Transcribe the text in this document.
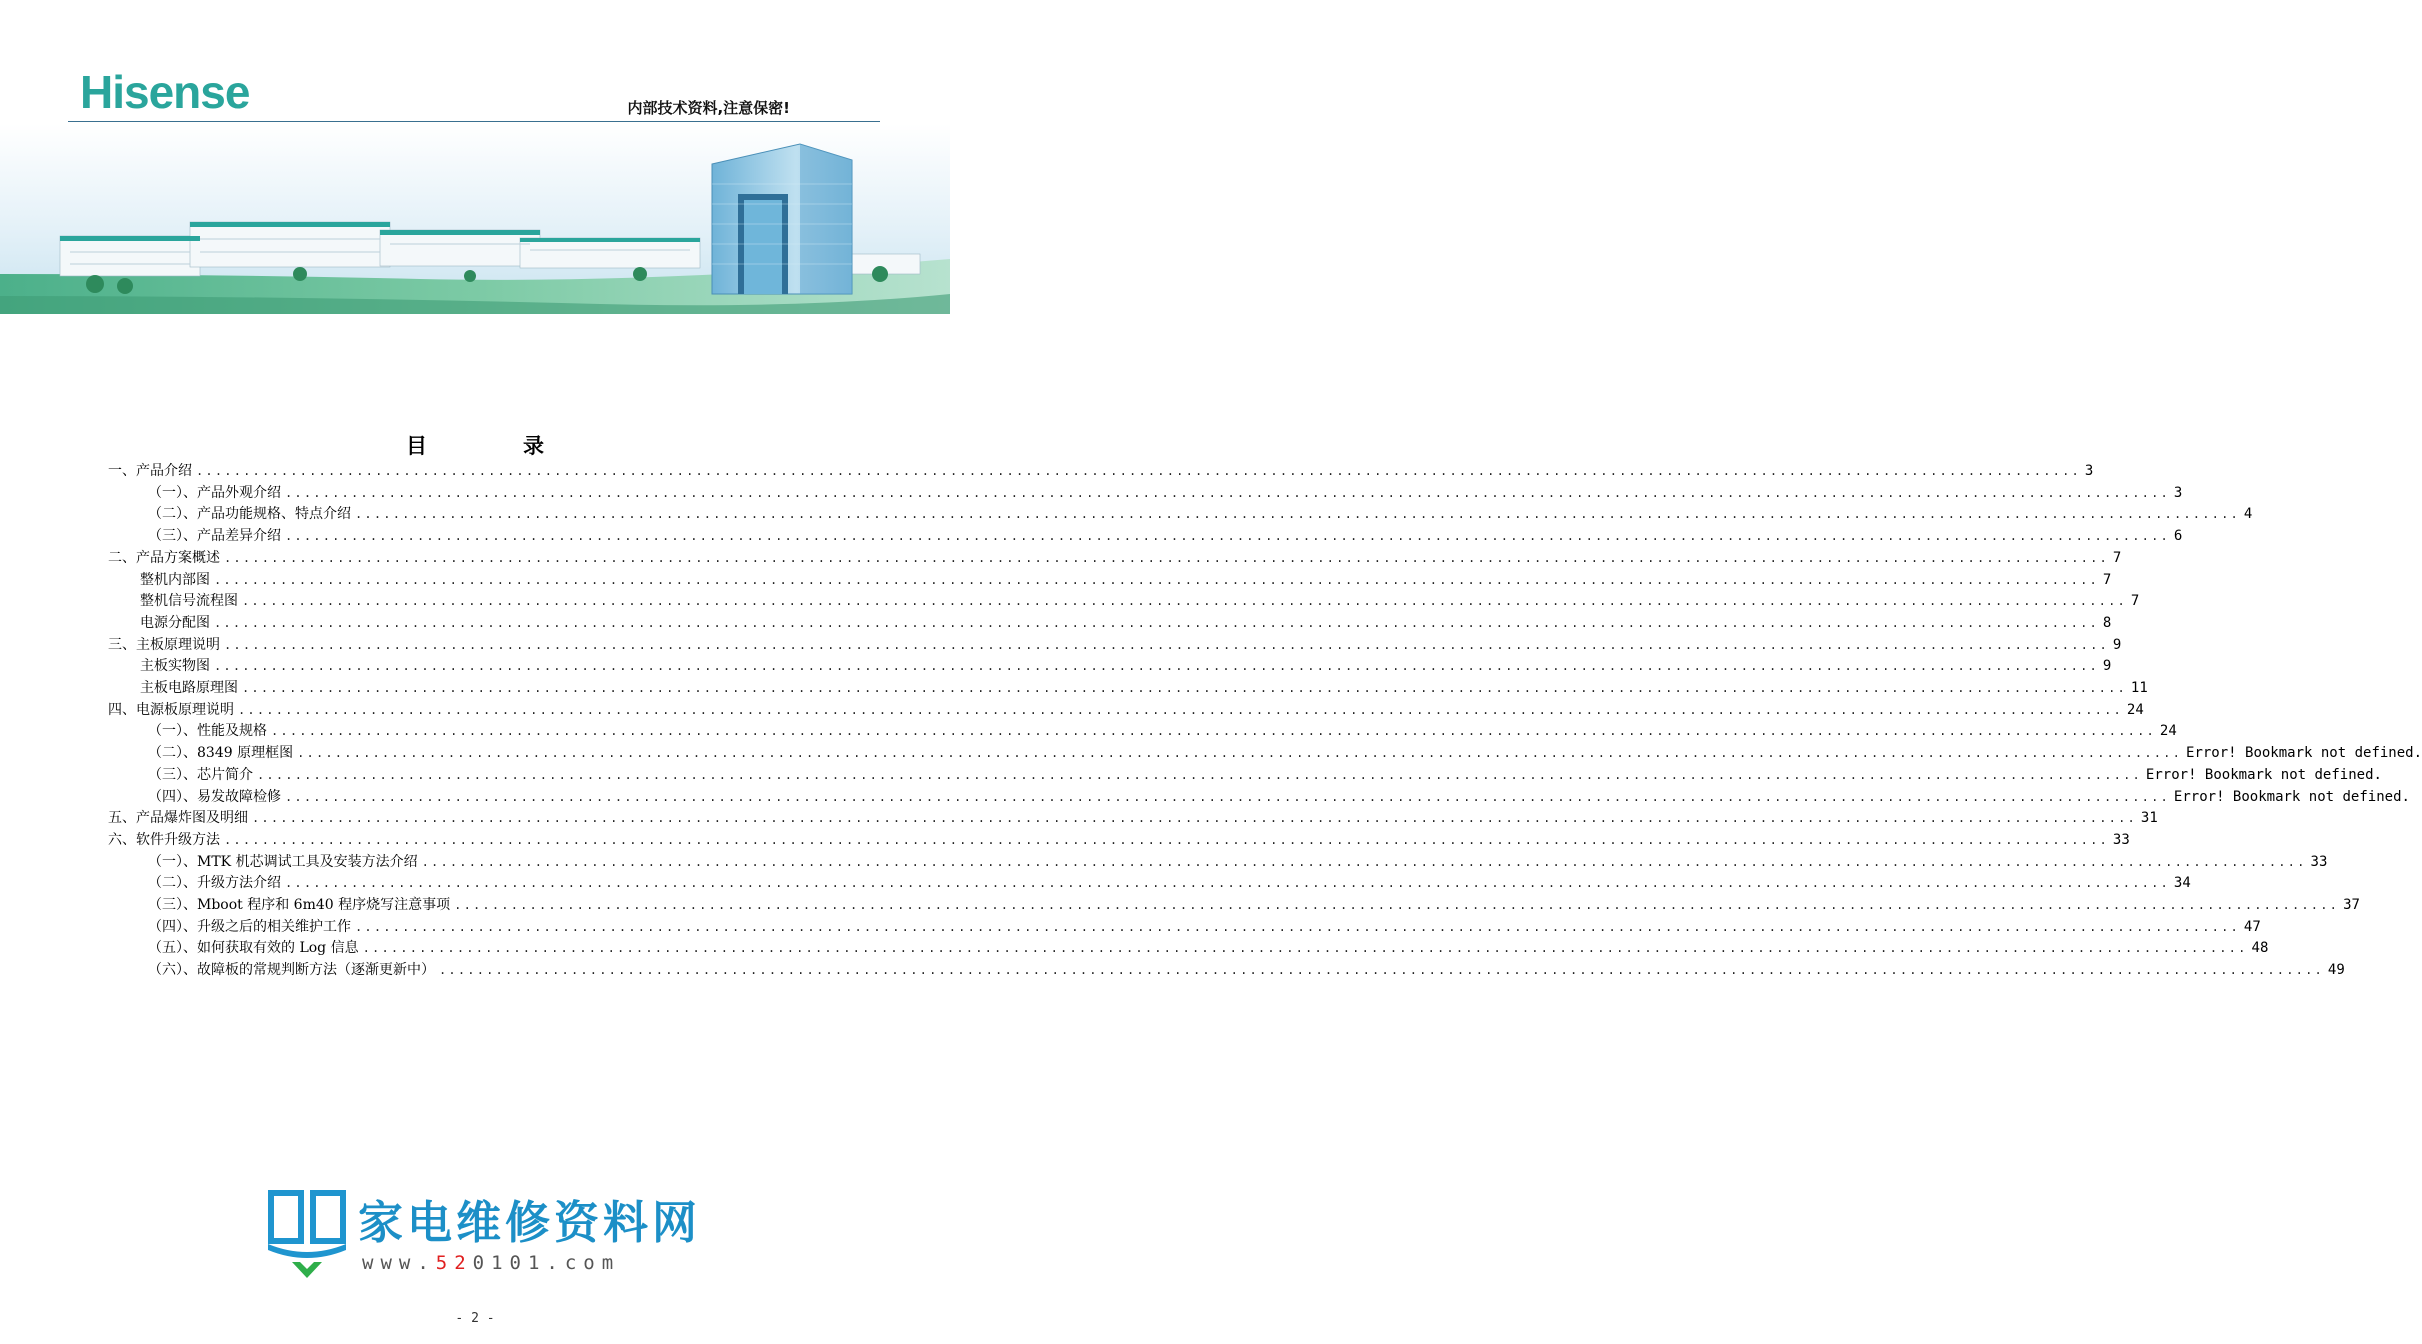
Hisense	内部技术资料,注意保密!
目	录
一、产品介绍 ........................................................................................................................................................................................................ 3
（一）、产品外观介绍 ........................................................................................................................................................................................................ 3
（二）、产品功能规格、特点介绍 ........................................................................................................................................................................................................ 4
（三）、产品差异介绍 ........................................................................................................................................................................................................ 6
二、产品方案概述 ........................................................................................................................................................................................................ 7
整机内部图 ........................................................................................................................................................................................................ 7
整机信号流程图 ........................................................................................................................................................................................................ 7
电源分配图 ........................................................................................................................................................................................................ 8
三、主板原理说明 ........................................................................................................................................................................................................ 9
主板实物图 ........................................................................................................................................................................................................ 9
主板电路原理图 ........................................................................................................................................................................................................ 11
四、电源板原理说明 ........................................................................................................................................................................................................ 24
（一）、性能及规格 ........................................................................................................................................................................................................ 24
（二）、8349 原理框图 ........................................................................................................................................................................................................ Error! Bookmark not defined.
（三）、芯片简介 ........................................................................................................................................................................................................ Error! Bookmark not defined.
（四）、易发故障检修 ........................................................................................................................................................................................................ Error! Bookmark not defined.
五、产品爆炸图及明细 ........................................................................................................................................................................................................ 31
六、软件升级方法 ........................................................................................................................................................................................................ 33
（一）、MTK 机芯调试工具及安装方法介绍 ........................................................................................................................................................................................................ 33
（二）、升级方法介绍 ........................................................................................................................................................................................................ 34
（三）、Mboot 程序和 6m40 程序烧写注意事项 ........................................................................................................................................................................................................ 37
（四）、升级之后的相关维护工作 ........................................................................................................................................................................................................ 47
（五）、如何获取有效的 Log 信息 ........................................................................................................................................................................................................ 48
（六）、故障板的常规判断方法（逐渐更新中） ........................................................................................................................................................................................................ 49
家电维修资料网
www.520101.com
- 2 -
